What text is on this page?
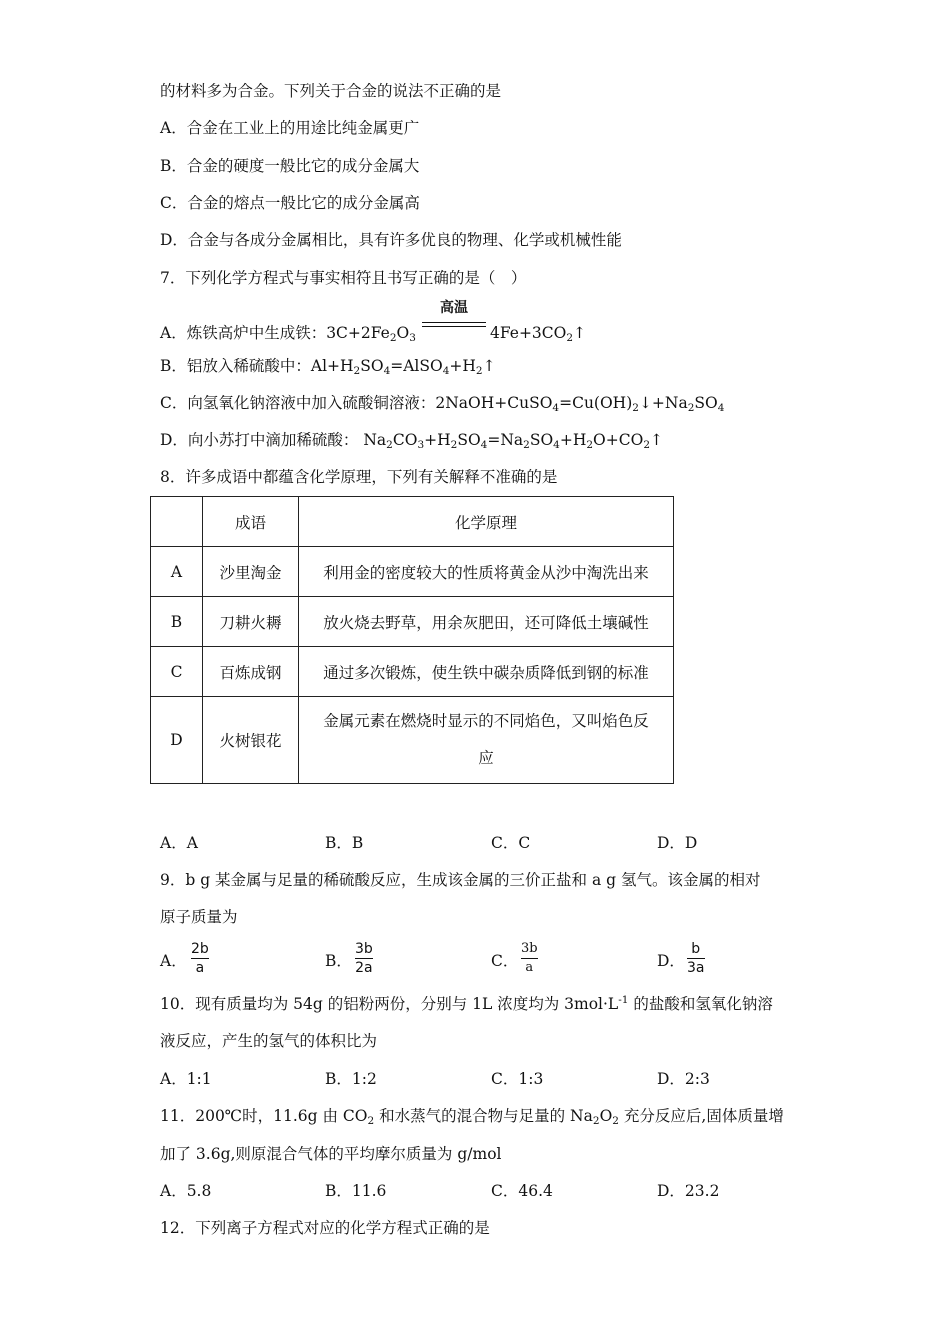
的材料多为合金。下列关于合金的说法不正确的是
A．合金在工业上的用途比纯金属更广
B．合金的硬度一般比它的成分金属大
C．合金的熔点一般比它的成分金属高
D．合金与各成分金属相比，具有许多优良的物理、化学或机械性能
7．下列化学方程式与事实相符且书写正确的是（　）
高温
A．炼铁高炉中生成铁：$3C+2Fe_2O_3$	$4Fe+3CO_2↑$
B．铝放入稀硫酸中：$Al+H_2SO_4=AlSO_4+H_2↑$
C．向氢氧化钠溶液中加入硫酸铜溶液：$2NaOH+CuSO_4=Cu(OH)_2↓+Na_2SO_4$
D．向小苏打中滴加稀硫酸： $Na_2CO_3+H_2SO_4=Na_2SO_4+H_2O+CO_2↑$
8．许多成语中都蕴含化学原理，下列有关解释不准确的是
	成语	化学原理
A	沙里淘金	利用金的密度较大的性质将黄金从沙中淘洗出来
B	刀耕火耨	放火烧去野草，用余灰肥田，还可降低土壤碱性
C	百炼成钢	通过多次锻炼，使生铁中碳杂质降低到钢的标准
D	火树银花	金属元素在燃烧时显示的不同焰色，又叫焰色反
应
A．A	B．B	C．C	D．D
9．b g 某金属与足量的稀硫酸反应，生成该金属的三价正盐和 a g 氢气。该金属的相对
原子质量为
A． $\frac{2b}{a}$	B． $\frac{3b}{2a}$	C． $\frac{3b}{a}$	D． $\frac{b}{3a}$
10．现有质量均为 54g 的铝粉两份，分别与 1L 浓度均为 $3mol\cdot L^{-1}$ 的盐酸和氢氧化钠溶
液反应，产生的氢气的体积比为
A．1:1	B．1:2	C．1:3	D．2:3
11．200℃时，11.6g 由 $CO_2$ 和水蒸气的混合物与足量的 $Na_2O_2$ 充分反应后,固体质量增
加了 3.6g,则原混合气体的平均摩尔质量为 g/mol
A．5.8	B．11.6	C．46.4	D．23.2
12．下列离子方程式对应的化学方程式正确的是
